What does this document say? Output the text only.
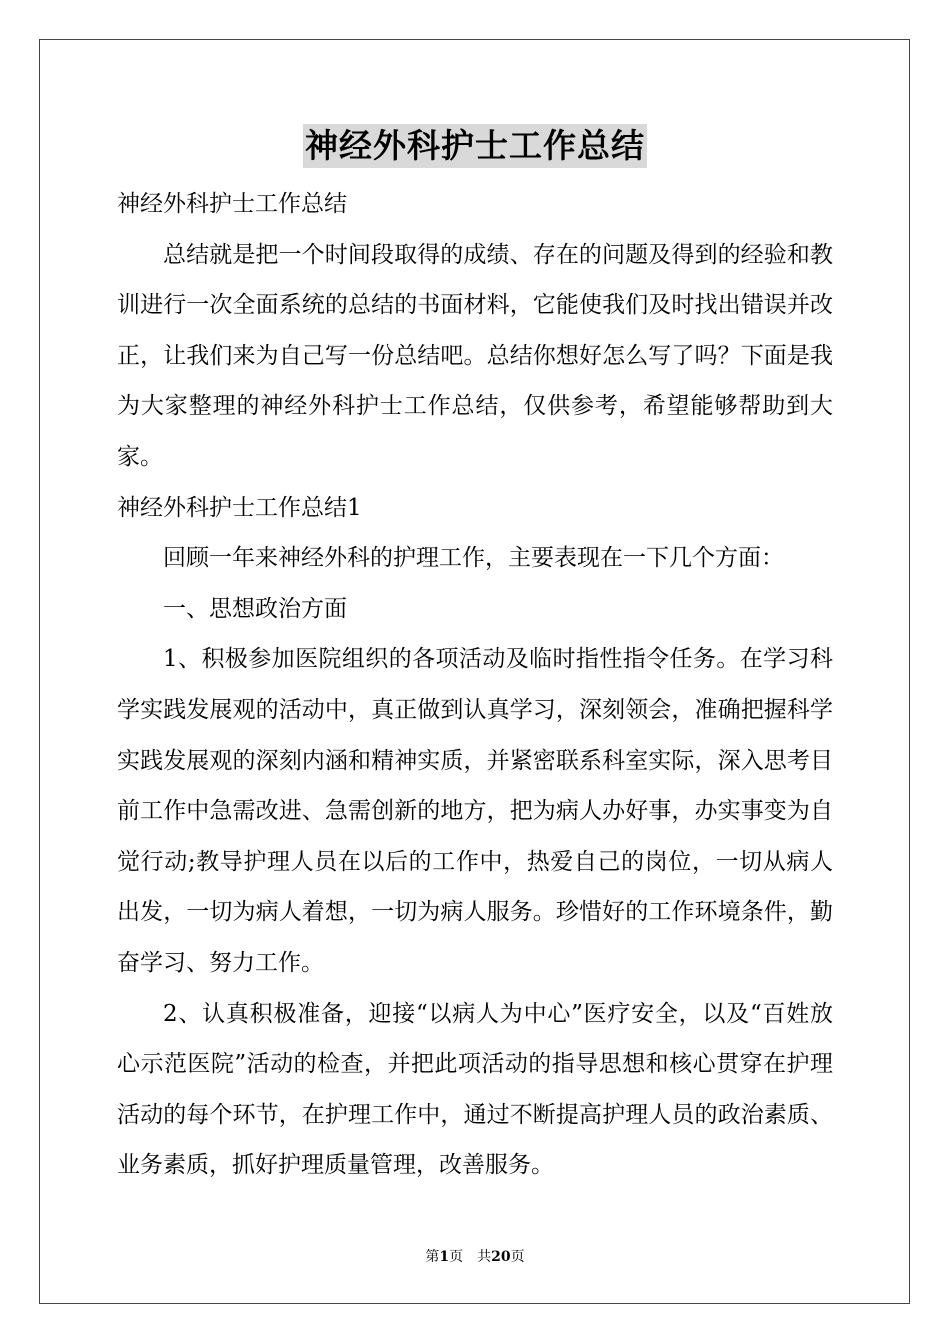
神经外科护士工作总结

神经外科护士工作总结

总结就是把一个时间段取得的成绩、存在的问题及得到的经验和教训进行一次全面系统的总结的书面材料，它能使我们及时找出错误并改正，让我们来为自己写一份总结吧。总结你想好怎么写了吗？下面是我为大家整理的神经外科护士工作总结，仅供参考，希望能够帮助到大家。

神经外科护士工作总结1

回顾一年来神经外科的护理工作，主要表现在一下几个方面：

一、思想政治方面

1、积极参加医院组织的各项活动及临时指性指令任务。在学习科学实践发展观的活动中，真正做到认真学习，深刻领会，准确把握科学实践发展观的深刻内涵和精神实质，并紧密联系科室实际，深入思考目前工作中急需改进、急需创新的地方，把为病人办好事，办实事变为自觉行动;教导护理人员在以后的工作中，热爱自己的岗位，一切从病人出发，一切为病人着想，一切为病人服务。珍惜好的工作环境条件，勤奋学习、努力工作。

2、认真积极准备，迎接“以病人为中心”医疗安全，以及“百姓放心示范医院”活动的检查，并把此项活动的指导思想和核心贯穿在护理活动的每个环节，在护理工作中，通过不断提高护理人员的政治素质、业务素质，抓好护理质量管理，改善服务。

第1页 共20页
